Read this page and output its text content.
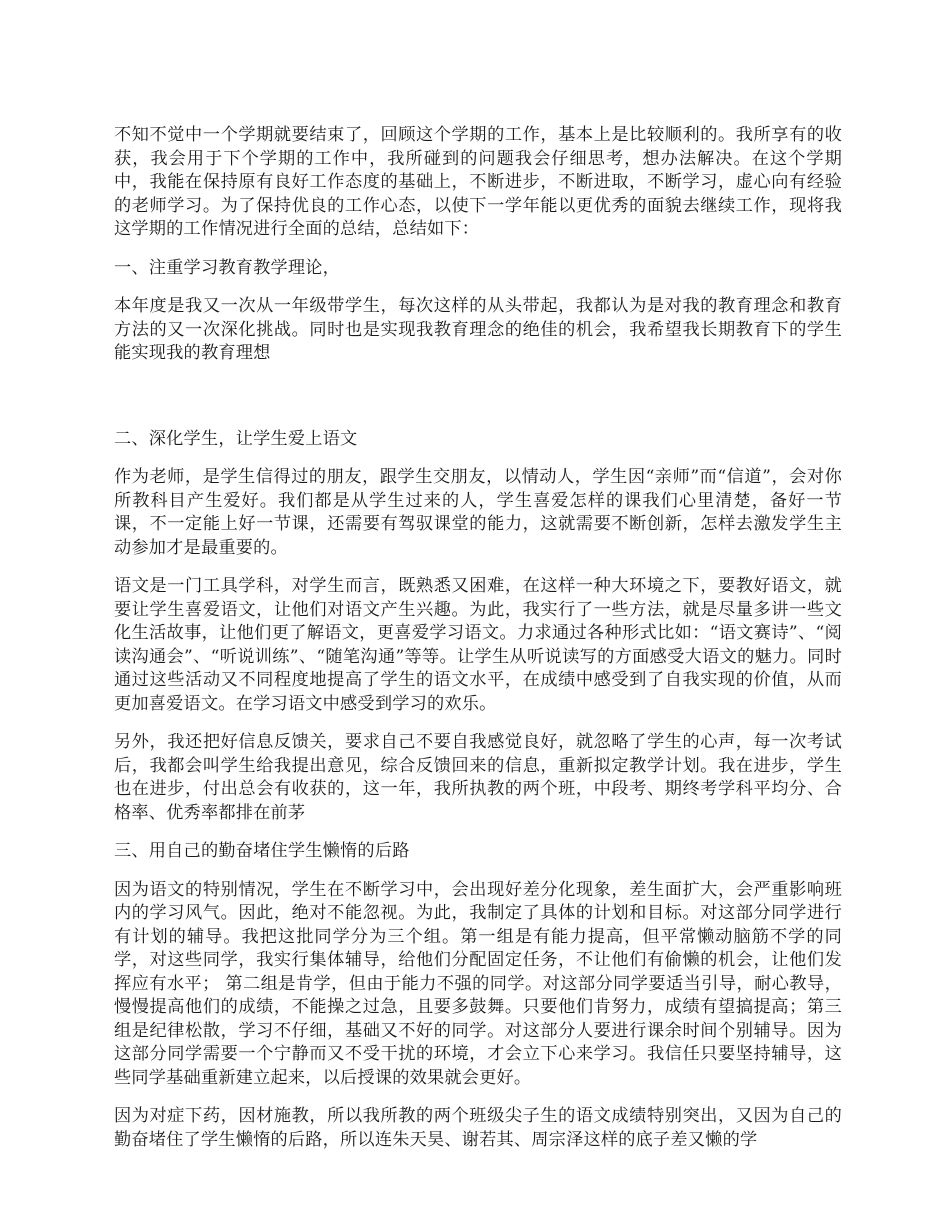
不知不觉中一个学期就要结束了，回顾这个学期的工作，基本上是比较顺利的。我所享有的收获，我会用于下个学期的工作中，我所碰到的问题我会仔细思考，想办法解决。在这个学期中，我能在保持原有良好工作态度的基础上，不断进步，不断进取，不断学习，虚心向有经验的老师学习。为了保持优良的工作心态，以使下一学年能以更优秀的面貌去继续工作，现将我这学期的工作情况进行全面的总结，总结如下：

一、注重学习教育教学理论，

本年度是我又一次从一年级带学生，每次这样的从头带起，我都认为是对我的教育理念和教育方法的又一次深化挑战。同时也是实现我教育理念的绝佳的机会，我希望我长期教育下的学生能实现我的教育理想

二、深化学生，让学生爱上语文

作为老师，是学生信得过的朋友，跟学生交朋友，以情动人，学生因“亲师”而“信道”，会对你所教科目产生爱好。我们都是从学生过来的人，学生喜爱怎样的课我们心里清楚，备好一节课，不一定能上好一节课，还需要有驾驭课堂的能力，这就需要不断创新，怎样去激发学生主动参加才是最重要的。

语文是一门工具学科，对学生而言，既熟悉又困难，在这样一种大环境之下，要教好语文，就要让学生喜爱语文，让他们对语文产生兴趣。为此，我实行了一些方法，就是尽量多讲一些文化生活故事，让他们更了解语文，更喜爱学习语文。力求通过各种形式比如：“语文赛诗”、“阅读沟通会”、“听说训练”、“随笔沟通”等等。让学生从听说读写的方面感受大语文的魅力。同时通过这些活动又不同程度地提高了学生的语文水平，在成绩中感受到了自我实现的价值，从而更加喜爱语文。在学习语文中感受到学习的欢乐。

另外，我还把好信息反馈关，要求自己不要自我感觉良好，就忽略了学生的心声，每一次考试后，我都会叫学生给我提出意见，综合反馈回来的信息，重新拟定教学计划。我在进步，学生也在进步，付出总会有收获的，这一年，我所执教的两个班，中段考、期终考学科平均分、合格率、优秀率都排在前茅

三、用自己的勤奋堵住学生懒惰的后路

因为语文的特别情况，学生在不断学习中，会出现好差分化现象，差生面扩大，会严重影响班内的学习风气。因此，绝对不能忽视。为此，我制定了具体的计划和目标。对这部分同学进行有计划的辅导。我把这批同学分为三个组。第一组是有能力提高，但平常懒动脑筋不学的同学，对这些同学，我实行集体辅导，给他们分配固定任务，不让他们有偷懒的机会，让他们发挥应有水平； 第二组是肯学，但由于能力不强的同学。对这部分同学要适当引导，耐心教导，慢慢提高他们的成绩，不能操之过急，且要多鼓舞。只要他们肯努力，成绩有望搞提高；第三组是纪律松散，学习不仔细，基础又不好的同学。对这部分人要进行课余时间个别辅导。因为这部分同学需要一个宁静而又不受干扰的环境，才会立下心来学习。我信任只要坚持辅导，这些同学基础重新建立起来，以后授课的效果就会更好。

因为对症下药，因材施教，所以我所教的两个班级尖子生的语文成绩特别突出，又因为自己的勤奋堵住了学生懒惰的后路，所以连朱天昊、谢若其、周宗泽这样的底子差又懒的学
